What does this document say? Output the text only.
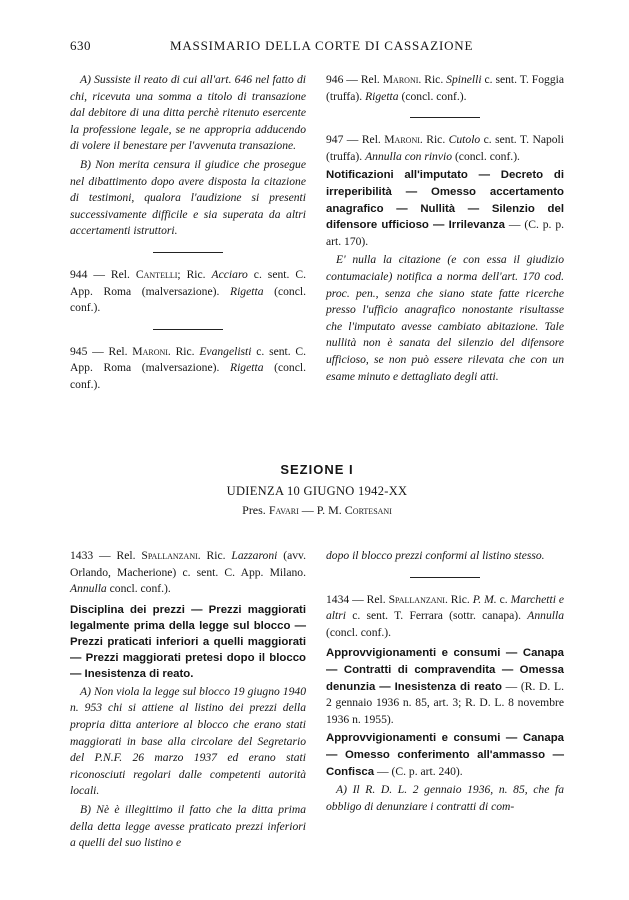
630	MASSIMARIO DELLA CORTE DI CASSAZIONE

A) Sussiste il reato di cui all'art. 646 nel fatto di chi, ricevuta una somma a titolo di transazione dal debitore di una ditta perchè ritenuto esercente la professione legale, se ne appropria adducendo di volere il benestare per l'avvenuta transazione.

B) Non merita censura il giudice che prosegue nel dibattimento dopo avere disposta la citazione di testimoni, qualora l'audizione si presenti successivamente difficile e sia superata da altri accertamenti istruttori.

944 — Rel. Cantelli; Ric. Acciaro c. sent. C. App. Roma (malversazione). Rigetta (concl. conf.).

945 — Rel. Maroni. Ric. Evangelisti c. sent. C. App. Roma (malversazione). Rigetta (concl. conf.).

946 — Rel. Maroni. Ric. Spinelli c. sent. T. Foggia (truffa). Rigetta (concl. conf.).

947 — Rel. Maroni. Ric. Cutolo c. sent. T. Napoli (truffa). Annulla con rinvio (concl. conf.).

Notificazioni all'imputato — Decreto di irreperibilità — Omesso accertamento anagrafico — Nullità — Silenzio del difensore ufficioso — Irrilevanza — (C. p. p. art. 170).

E' nulla la citazione (e con essa il giudizio contumaciale) notifica a norma dell'art. 170 cod. proc. pen., senza che siano state fatte ricerche presso l'ufficio anagrafico nonostante risultasse che l'imputato avesse cambiato abitazione. Tale nullità non è sanata del silenzio del difensore ufficioso, se non può essere rilevata che con un esame minuto e dettagliato degli atti.

SEZIONE I
UDIENZA 10 GIUGNO 1942-XX
Pres. Favari — P. M. Cortesani

1433 — Rel. Spallanzani. Ric. Lazzaroni (avv. Orlando, Macherione) c. sent. C. App. Milano. Annulla concl. conf.).

Disciplina dei prezzi — Prezzi maggiorati legalmente prima della legge sul blocco — Prezzi praticati inferiori a quelli maggiorati — Prezzi maggiorati pretesi dopo il blocco — Inesistenza di reato.

A) Non viola la legge sul blocco 19 giugno 1940 n. 953 chi si attiene al listino dei prezzi della propria ditta anteriore al blocco che erano stati maggiorati in base alla circolare del Segretario del P.N.F. 26 marzo 1937 ed erano stati riconosciuti regolari dalle competenti autorità locali.

B) Nè è illegittimo il fatto che la ditta prima della detta legge avesse praticato prezzi inferiori a quelli del suo listino e

dopo il blocco prezzi conformi al listino stesso.

1434 — Rel. Spallanzani. Ric. P. M. c. Marchetti e altri c. sent. T. Ferrara (sottr. canapa). Annulla (concl. conf.).

Approvvigionamenti e consumi — Canapa — Contratti di compravendita — Omessa denunzia — Inesistenza di reato — (R. D. L. 2 gennaio 1936 n. 85, art. 3; R. D. L. 8 novembre 1936 n. 1955).

Approvvigionamenti e consumi — Canapa — Omesso conferimento all'ammasso — Confisca — (C. p. art. 240).

A) Il R. D. L. 2 gennaio 1936, n. 85, che fa obbligo di denunziare i contratti di com-
